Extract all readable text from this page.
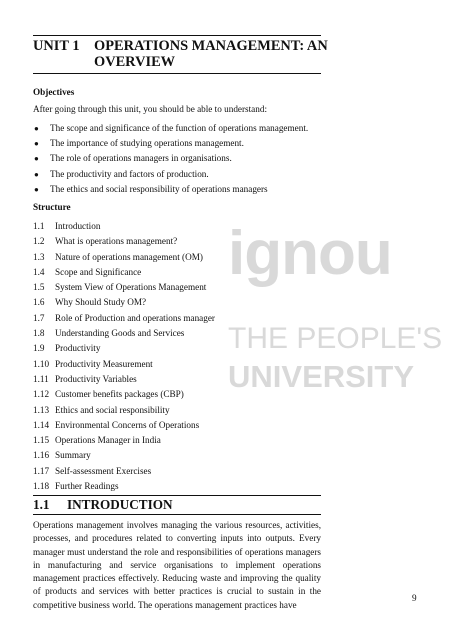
UNIT 1 OPERATIONS MANAGEMENT: AN OVERVIEW
ignou
THE PEOPLE'S
UNIVERSITY
Objectives
After going through this unit, you should be able to understand:
● The scope and significance of the function of operations management.
● The importance of studying operations management.
● The role of operations managers in organisations.
● The productivity and factors of production.
● The ethics and social responsibility of operations managers
Structure
1.1 Introduction
1.2 What is operations management?
1.3 Nature of operations management (OM)
1.4 Scope and Significance
1.5 System View of Operations Management
1.6 Why Should Study OM?
1.7 Role of Production and operations manager
1.8 Understanding Goods and Services
1.9 Productivity
1.10 Productivity Measurement
1.11 Productivity Variables
1.12 Customer benefits packages (CBP)
1.13 Ethics and social responsibility
1.14 Environmental Concerns of Operations
1.15 Operations Manager in India
1.16 Summary
1.17 Self-assessment Exercises
1.18 Further Readings
1.1 INTRODUCTION
Operations management involves managing the various resources, activities, processes, and procedures related to converting inputs into outputs. Every manager must understand the role and responsibilities of operations managers in manufacturing and service organisations to implement operations management practices effectively. Reducing waste and improving the quality of products and services with better practices is crucial to sustain in the competitive business world. The operations management practices have
9
